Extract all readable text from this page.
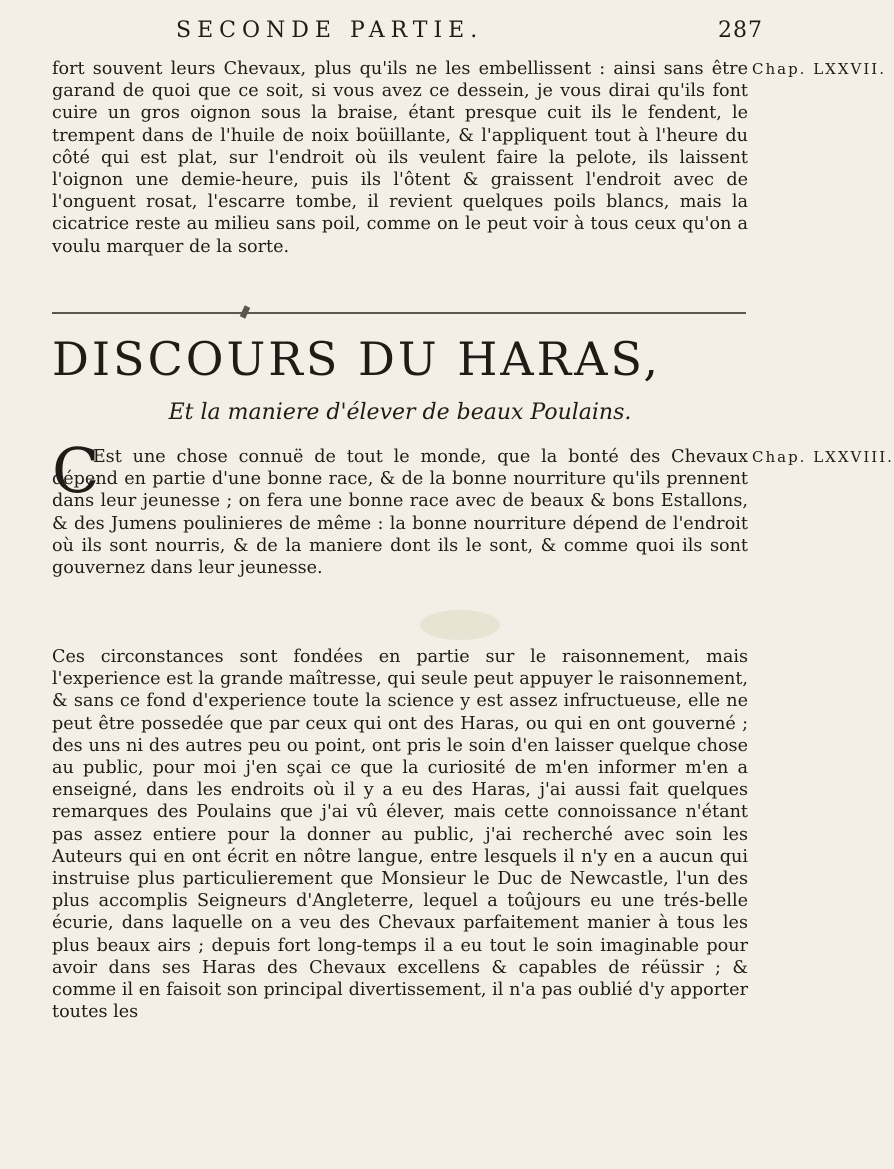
SECONDE PARTIE.	287
Chap. LXXVII.
Chap. LXXVIII.

fort souvent leurs Chevaux, plus qu'ils ne les embellissent : ainsi sans être garand de quoi que ce soit, si vous avez ce dessein, je vous dirai qu'ils font cuire un gros oignon sous la braise, étant presque cuit ils le fendent, le trempent dans de l'huile de noix boüillante, & l'appliquent tout à l'heure du côté qui est plat, sur l'endroit où ils veulent faire la pelote, ils laissent l'oignon une demie-heure, puis ils l'ôtent & graissent l'endroit avec de l'onguent rosat, l'escarre tombe, il revient quelques poils blancs, mais la cicatrice reste au milieu sans poil, comme on le peut voir à tous ceux qu'on a voulu marquer de la sorte.

DISCOURS DU HARAS,
Et la maniere d'élever de beaux Poulains.
C

'Est une chose connuë de tout le monde, que la bonté des Chevaux dépend en partie d'une bonne race, & de la bonne nourriture qu'ils prennent dans leur jeunesse ; on fera une bonne race avec de beaux & bons Estallons, & des Jumens poulinieres de même : la bonne nourriture dépend de l'endroit où ils sont nourris, & de la maniere dont ils le sont, & comme quoi ils sont gouvernez dans leur jeunesse.

Ces circonstances sont fondées en partie sur le raisonnement, mais l'experience est la grande maîtresse, qui seule peut appuyer le raisonnement, & sans ce fond d'experience toute la science y est assez infructueuse, elle ne peut être possedée que par ceux qui ont des Haras, ou qui en ont gouverné ; des uns ni des autres peu ou point, ont pris le soin d'en laisser quelque chose au public, pour moi j'en sçai ce que la curiosité de m'en informer m'en a enseigné, dans les endroits où il y a eu des Haras, j'ai aussi fait quelques remarques des Poulains que j'ai vû élever, mais cette connoissance n'étant pas assez entiere pour la donner au public, j'ai recherché avec soin les Auteurs qui en ont écrit en nôtre langue, entre lesquels il n'y en a aucun qui instruise plus particulierement que Monsieur le Duc de Newcastle, l'un des plus accomplis Seigneurs d'Angleterre, lequel a toûjours eu une trés-belle écurie, dans laquelle on a veu des Chevaux parfaitement manier à tous les plus beaux airs ; depuis fort long-temps il a eu tout le soin imaginable pour avoir dans ses Haras des Chevaux excellens & capables de réüssir ; & comme il en faisoit son principal divertissement, il n'a pas oublié d'y apporter toutes les
